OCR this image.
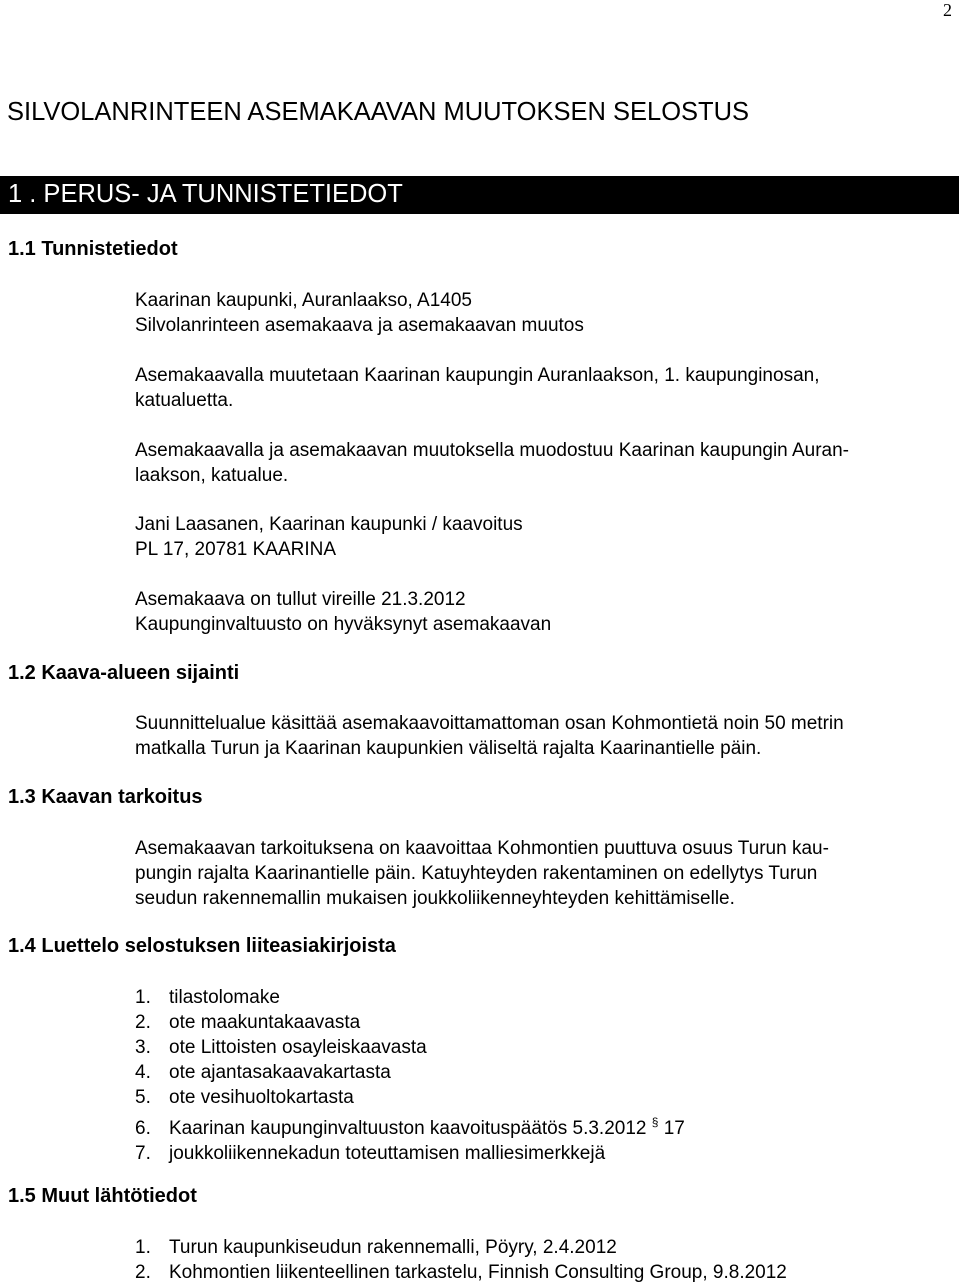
2
SILVOLANRINTEEN ASEMAKAAVAN MUUTOKSEN SELOSTUS
1 . PERUS- JA TUNNISTETIEDOT
1.1 Tunnistetiedot
Kaarinan kaupunki, Auranlaakso, A1405
Silvolanrinteen asemakaava ja asemakaavan muutos
Asemakaavalla muutetaan Kaarinan kaupungin Auranlaakson, 1. kaupunginosan,
katualuetta.
Asemakaavalla ja asemakaavan muutoksella muodostuu Kaarinan kaupungin Auran-
laakson, katualue.
Jani Laasanen, Kaarinan kaupunki / kaavoitus
PL 17, 20781 KAARINA
Asemakaava on tullut vireille 21.3.2012
Kaupunginvaltuusto on hyväksynyt asemakaavan
1.2 Kaava-alueen sijainti
Suunnittelualue käsittää asemakaavoittamattoman osan Kohmontietä noin 50 metrin
matkalla Turun ja Kaarinan kaupunkien väliseltä rajalta Kaarinantielle päin.
1.3 Kaavan tarkoitus
Asemakaavan tarkoituksena on kaavoittaa Kohmontien puuttuva osuus Turun kau-
pungin rajalta Kaarinantielle päin. Katuyhteyden rakentaminen on edellytys Turun
seudun rakennemallin mukaisen joukkoliikenneyhteyden kehittämiselle.
1.4 Luettelo selostuksen liiteasiakirjoista
1. tilastolomake
2. ote maakuntakaavasta
3. ote Littoisten osayleiskaavasta
4. ote ajantasakaavakartasta
5. ote vesihuoltokartasta
6. Kaarinan kaupunginvaltuuston kaavoituspäätös 5.3.2012 § 17
7. joukkoliikennekadun toteuttamisen malliesimerkkejä
1.5 Muut lähtötiedot
1. Turun kaupunkiseudun rakennemalli, Pöyry, 2.4.2012
2. Kohmontien liikenteellinen tarkastelu, Finnish Consulting Group, 9.8.2012
